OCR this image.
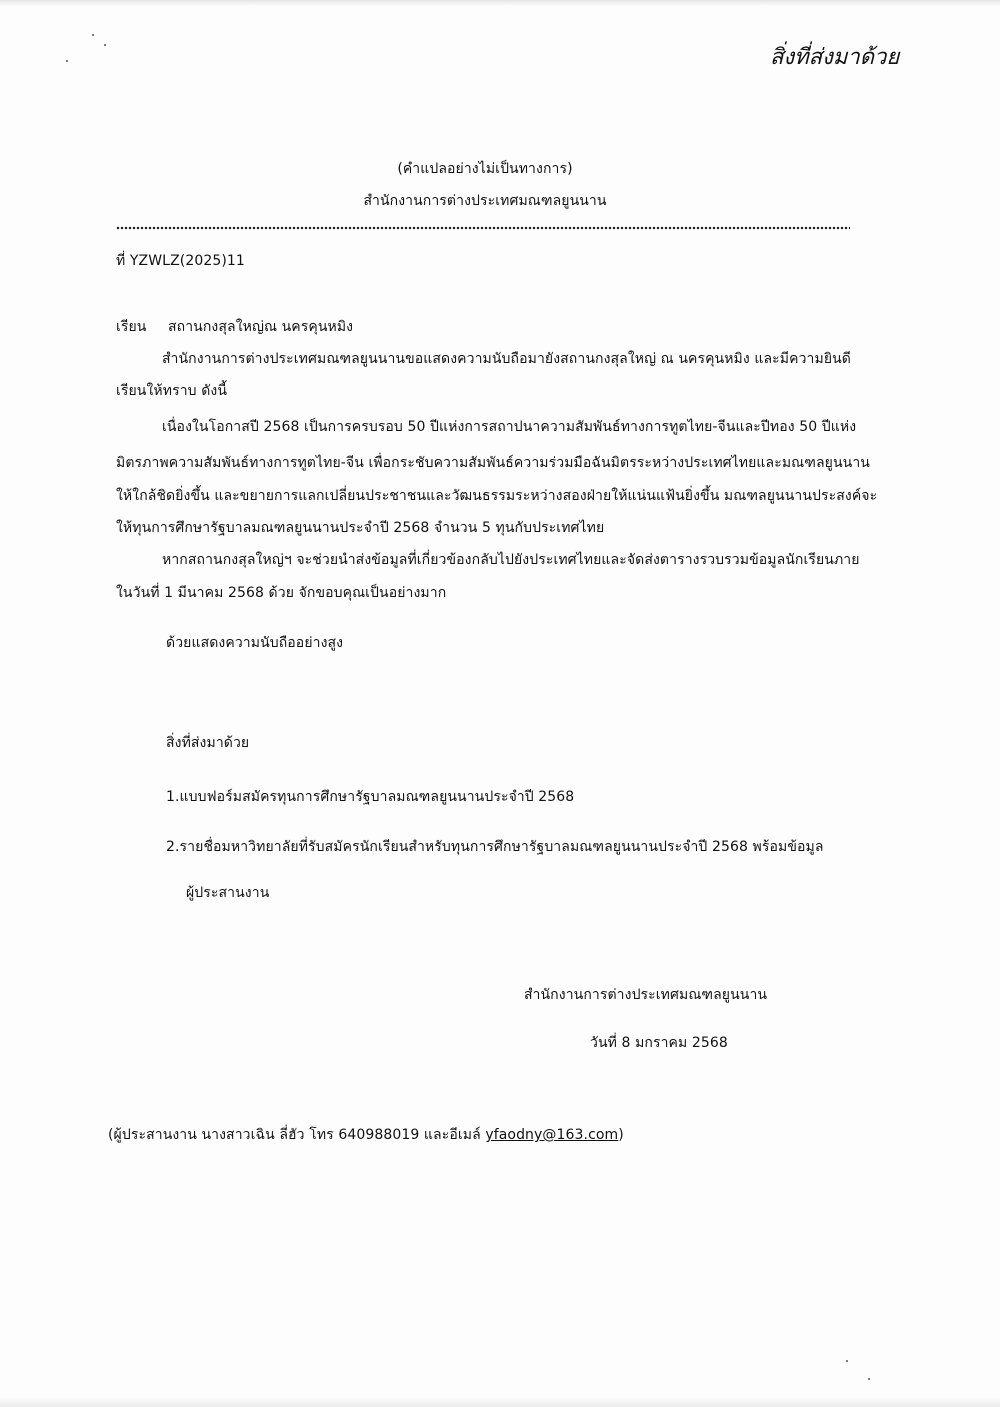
สิ่งที่ส่งมาด้วย
(คำแปลอย่างไม่เป็นทางการ)
สำนักงานการต่างประเทศมณฑลยูนนาน
ที่ YZWLZ(2025)11
เรียน สถานกงสุลใหญ่ณ นครคุนหมิง
สำนักงานการต่างประเทศมณฑลยูนนานขอแสดงความนับถือมายังสถานกงสุลใหญ่ ณ นครคุนหมิง และมีความยินดี
เรียนให้ทราบ ดังนี้
เนื่องในโอกาสปี 2568 เป็นการครบรอบ 50 ปีแห่งการสถาปนาความสัมพันธ์ทางการทูตไทย-จีนและปีทอง 50 ปีแห่ง
มิตรภาพความสัมพันธ์ทางการทูตไทย-จีน เพื่อกระชับความสัมพันธ์ความร่วมมือฉันมิตรระหว่างประเทศไทยและมณฑลยูนนาน
ให้ใกล้ชิดยิ่งขึ้น และขยายการแลกเปลี่ยนประชาชนและวัฒนธรรมระหว่างสองฝ่ายให้แน่นแฟ้นยิ่งขึ้น มณฑลยูนนานประสงค์จะ
ให้ทุนการศึกษารัฐบาลมณฑลยูนนานประจำปี 2568 จำนวน 5 ทุนกับประเทศไทย
หากสถานกงสุลใหญ่ฯ จะช่วยนำส่งข้อมูลที่เกี่ยวข้องกลับไปยังประเทศไทยและจัดส่งตารางรวบรวมข้อมูลนักเรียนภาย
ในวันที่ 1 มีนาคม 2568 ด้วย จักขอบคุณเป็นอย่างมาก
ด้วยแสดงความนับถืออย่างสูง
สิ่งที่ส่งมาด้วย
1.แบบฟอร์มสมัครทุนการศึกษารัฐบาลมณฑลยูนนานประจำปี 2568
2.รายชื่อมหาวิทยาลัยที่รับสมัครนักเรียนสำหรับทุนการศึกษารัฐบาลมณฑลยูนนานประจำปี 2568 พร้อมข้อมูล
ผู้ประสานงาน
สำนักงานการต่างประเทศมณฑลยูนนาน
วันที่ 8 มกราคม 2568
(ผู้ประสานงาน นางสาวเฉิน ลี่ฮัว โทร 640988019 และอีเมล์ yfaodny@163.com)
